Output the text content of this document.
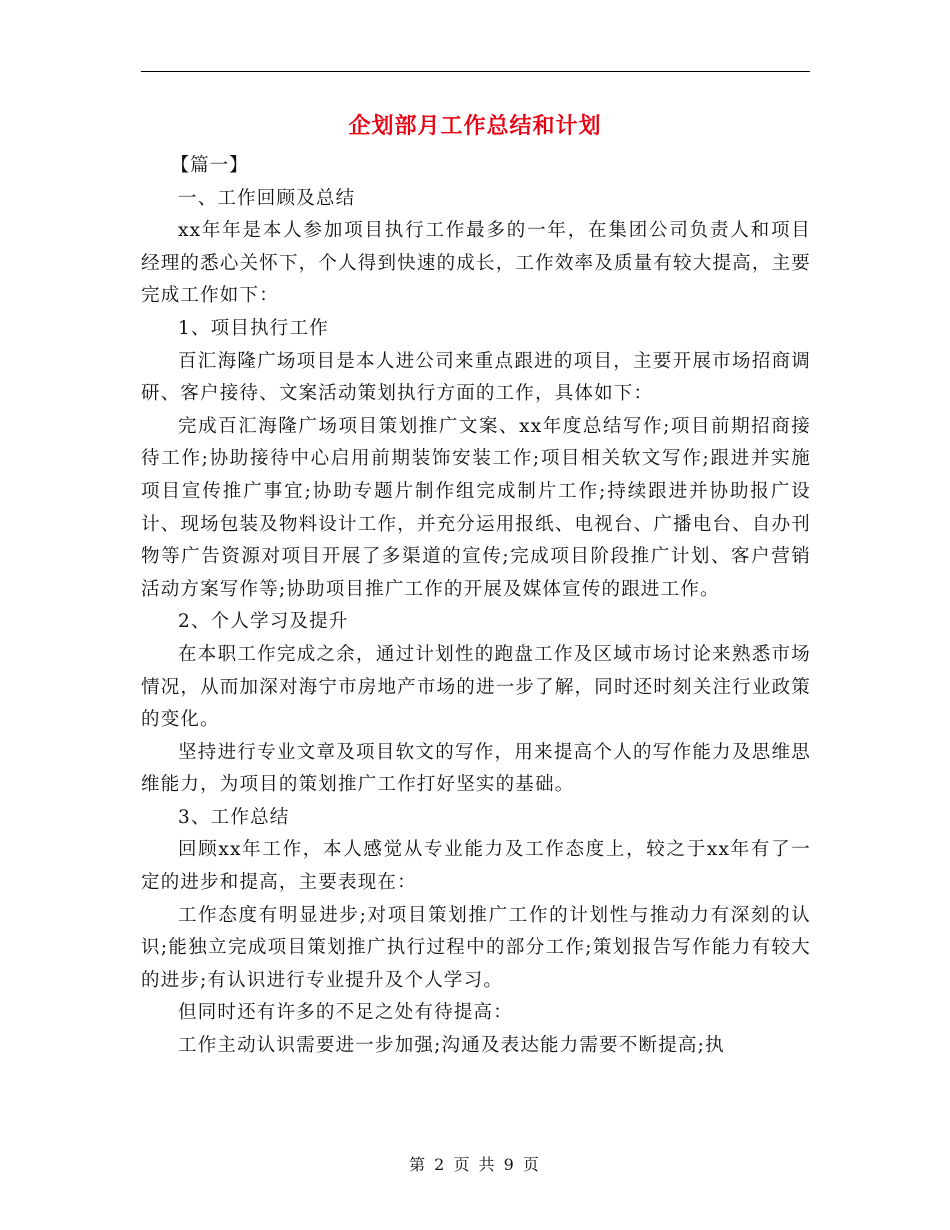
企划部月工作总结和计划

【篇一】

一、工作回顾及总结

xx年年是本人参加项目执行工作最多的一年，在集团公司负责人和项目经理的悉心关怀下，个人得到快速的成长，工作效率及质量有较大提高，主要完成工作如下：

1、项目执行工作

百汇海隆广场项目是本人进公司来重点跟进的项目，主要开展市场招商调研、客户接待、文案活动策划执行方面的工作，具体如下：

完成百汇海隆广场项目策划推广文案、xx年度总结写作;项目前期招商接待工作;协助接待中心启用前期装饰安装工作;项目相关软文写作;跟进并实施项目宣传推广事宜;协助专题片制作组完成制片工作;持续跟进并协助报广设计、现场包装及物料设计工作，并充分运用报纸、电视台、广播电台、自办刊物等广告资源对项目开展了多渠道的宣传;完成项目阶段推广计划、客户营销活动方案写作等;协助项目推广工作的开展及媒体宣传的跟进工作。

2、个人学习及提升

在本职工作完成之余，通过计划性的跑盘工作及区域市场讨论来熟悉市场情况，从而加深对海宁市房地产市场的进一步了解，同时还时刻关注行业政策的变化。

坚持进行专业文章及项目软文的写作，用来提高个人的写作能力及思维思维能力，为项目的策划推广工作打好坚实的基础。

3、工作总结

回顾xx年工作，本人感觉从专业能力及工作态度上，较之于xx年有了一定的进步和提高，主要表现在：

工作态度有明显进步;对项目策划推广工作的计划性与推动力有深刻的认识;能独立完成项目策划推广执行过程中的部分工作;策划报告写作能力有较大的进步;有认识进行专业提升及个人学习。

但同时还有许多的不足之处有待提高：

工作主动认识需要进一步加强;沟通及表达能力需要不断提高;执

第 2 页 共 9 页
